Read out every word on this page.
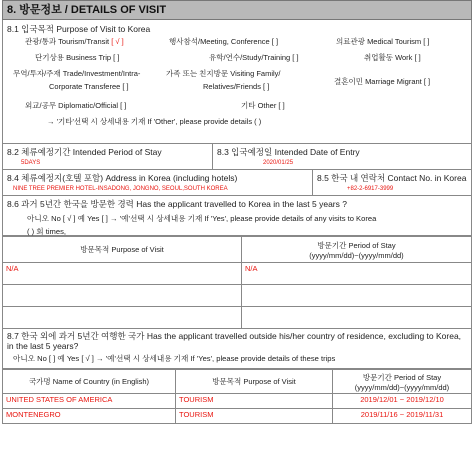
8. 방문정보 / DETAILS OF VISIT
8.1 입국목적 Purpose of Visit to Korea
관광/통과 Tourism/Transit [ √ ]	행사참석/Meeting, Conference [ ]	의료관광 Medical Tourism [ ]
단기상용 Business Trip [ ]	유학/연수/Study/Training [ ]	취업활동 Work [ ]
무역/투자/주재 Trade/Investment/Intra-
Corporate Transferee [ ]
가족 또는 친지방문 Visiting Family/
Relatives/Friends [ ]
결혼이민 Marriage Migrant [ ]
외교/공무 Diplomatic/Official [ ]	기타 Other [ ]
→ '기타'선택 시 상세내용 기재 If 'Other', please provide details ( )
8.2 체류예정기간 Intended Period of Stay
5DAYS
8.3 입국예정일 Intended Date of Entry
2020/01/25
8.4 체류예정지(호텔 포함) Address in Korea (including hotels)
NINE TREE PREMIER HOTEL-INSADONG, JONGNO, SEOUL,SOUTH KOREA
8.5 한국 내 연락처 Contact No. in Korea
+82-2-6917-3999
8.6 과거 5년간 한국을 방문한 경력 Has the applicant travelled to Korea in the last 5 years ?
아니오 No [ √ ] 예 Yes [ ] → '예'선택 시 상세내용 기재 If 'Yes', please provide details of any visits to Korea
( ) 회 times,
방문목적 Purpose of Visit	방문기간 Period of Stay
(yyyy/mm/dd)~(yyyy/mm/dd)

N/A	N/A

8.7 한국 외에 과거 5년간 여행한 국가 Has the applicant travelled outside his/her country of residence, excluding to Korea, in the last 5 years?
아니오 No [ ] 예 Yes [ √ ] → '예'선택 시 상세내용 기재 If 'Yes', please provide details of these trips
국가명 Name of Country (in English)	방문목적 Purpose of Visit	방문기간 Period of Stay
(yyyy/mm/dd)~(yyyy/mm/dd)

UNITED STATES OF AMERICA	TOURISM	2019/12/01 ~ 2019/12/10
MONTENEGRO	TOURISM	2019/11/16 ~ 2019/11/31
